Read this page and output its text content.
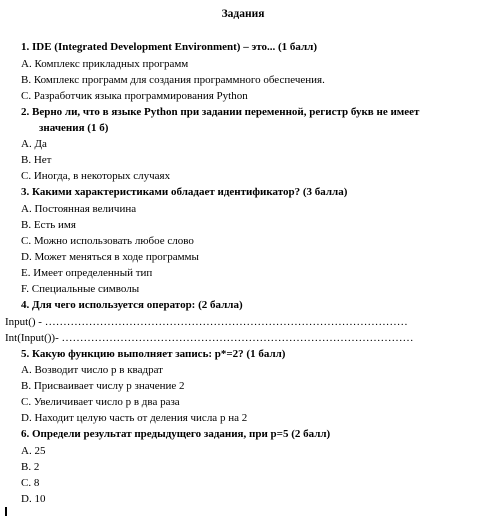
Задания
1. IDE (Integrated Development Environment) – это... (1 балл)
A. Комплекс прикладных программ
B. Комплекс программ для создания программного обеспечения.
C. Разработчик языка программирования Python
2. Верно ли, что в языке Python при задании переменной, регистр букв не имеет
значения (1 б)
A. Да
B. Нет
C. Иногда, в некоторых случаях
3. Какими характеристиками обладает идентификатор? (3 балла)
A. Постоянная величина
B. Есть имя
C. Можно использовать любое слово
D. Может меняться в ходе программы
E. Имеет определенный тип
F. Специальные символы
4. Для чего используется оператор: (2 балла)
Input() - ………………………………………………………………………………………
Int(Input())- ……………………………………………………………………………………
5. Какую функцию выполняет запись: p*=2? (1 балл)
A. Возводит число p в квадрат
B. Присваивает числу p значение 2
C. Увеличивает число p в два раза
D. Находит целую часть от деления числа p на 2
6. Определи результат предыдущего задания, при p=5 (2 балл)
A. 25
B. 2
C. 8
D. 10
